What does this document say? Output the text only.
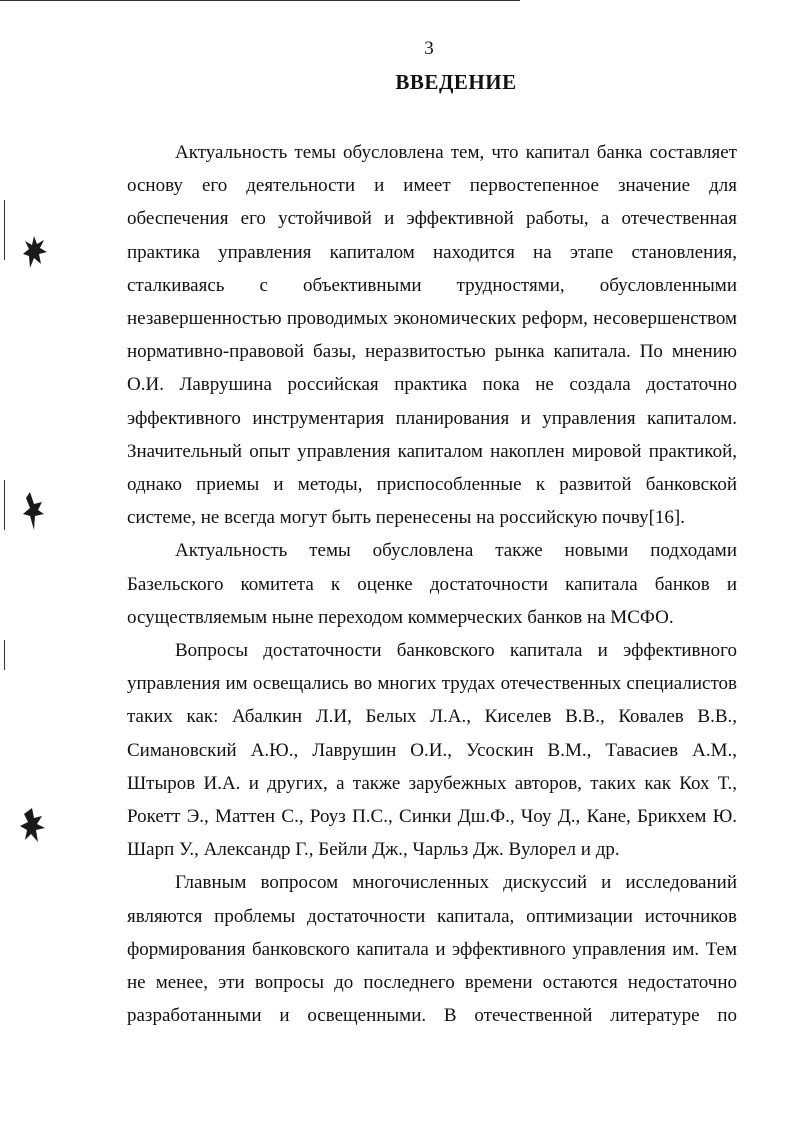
3
ВВЕДЕНИЕ

Актуальность темы обусловлена тем, что капитал банка составляет основу его деятельности и имеет первостепенное значение для обеспечения его устойчивой и эффективной работы, а отечественная практика управления капиталом находится на этапе становления, сталкиваясь с объективными трудностями, обусловленными незавершенностью проводимых экономических реформ, несовершенством нормативно-правовой базы, неразвитостью рынка капитала. По мнению О.И. Лаврушина российская практика пока не создала достаточно эффективного инструментария планирования и управления капиталом. Значительный опыт управления капиталом накоплен мировой практикой, однако приемы и методы, приспособленные к развитой банковской системе, не всегда могут быть перенесены на российскую почву[16].

Актуальность темы обусловлена также новыми подходами Базельского комитета к оценке достаточности капитала банков и осуществляемым ныне переходом коммерческих банков на МСФО.

Вопросы достаточности банковского капитала и эффективного управления им освещались во многих трудах отечественных специалистов таких как: Абалкин Л.И, Белых Л.А., Киселев В.В., Ковалев В.В., Симановский А.Ю., Лаврушин О.И., Усоскин В.М., Тавасиев А.М., Штыров И.А. и других, а также зарубежных авторов, таких как Кох Т., Рокетт Э., Маттен С., Роуз П.С., Синки Дш.Ф., Чоу Д., Кане, Брикхем Ю. Шарп У., Александр Г., Бейли Дж., Чарльз Дж. Вулорел и др.

Главным вопросом многочисленных дискуссий и исследований являются проблемы достаточности капитала, оптимизации источников формирования банковского капитала и эффективного управления им. Тем не менее, эти вопросы до последнего времени остаются недостаточно разработанными и освещенными. В отечественной литературе по
